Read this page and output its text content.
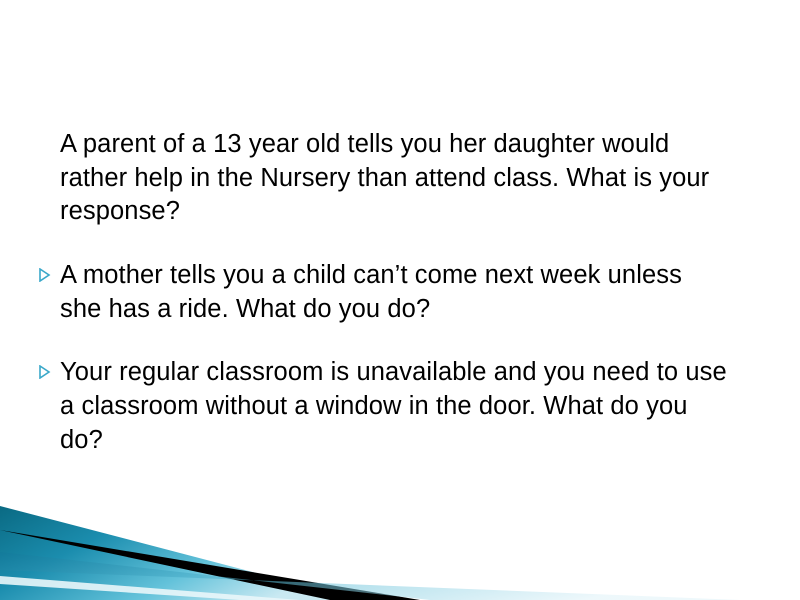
A parent of a 13 year old tells you her daughter would rather help in the Nursery than attend class. What is your response?
A mother tells you a child can’t come next week unless she has a ride. What do you do?
Your regular classroom is unavailable and you need to use a classroom without a window in the door. What do you do?
